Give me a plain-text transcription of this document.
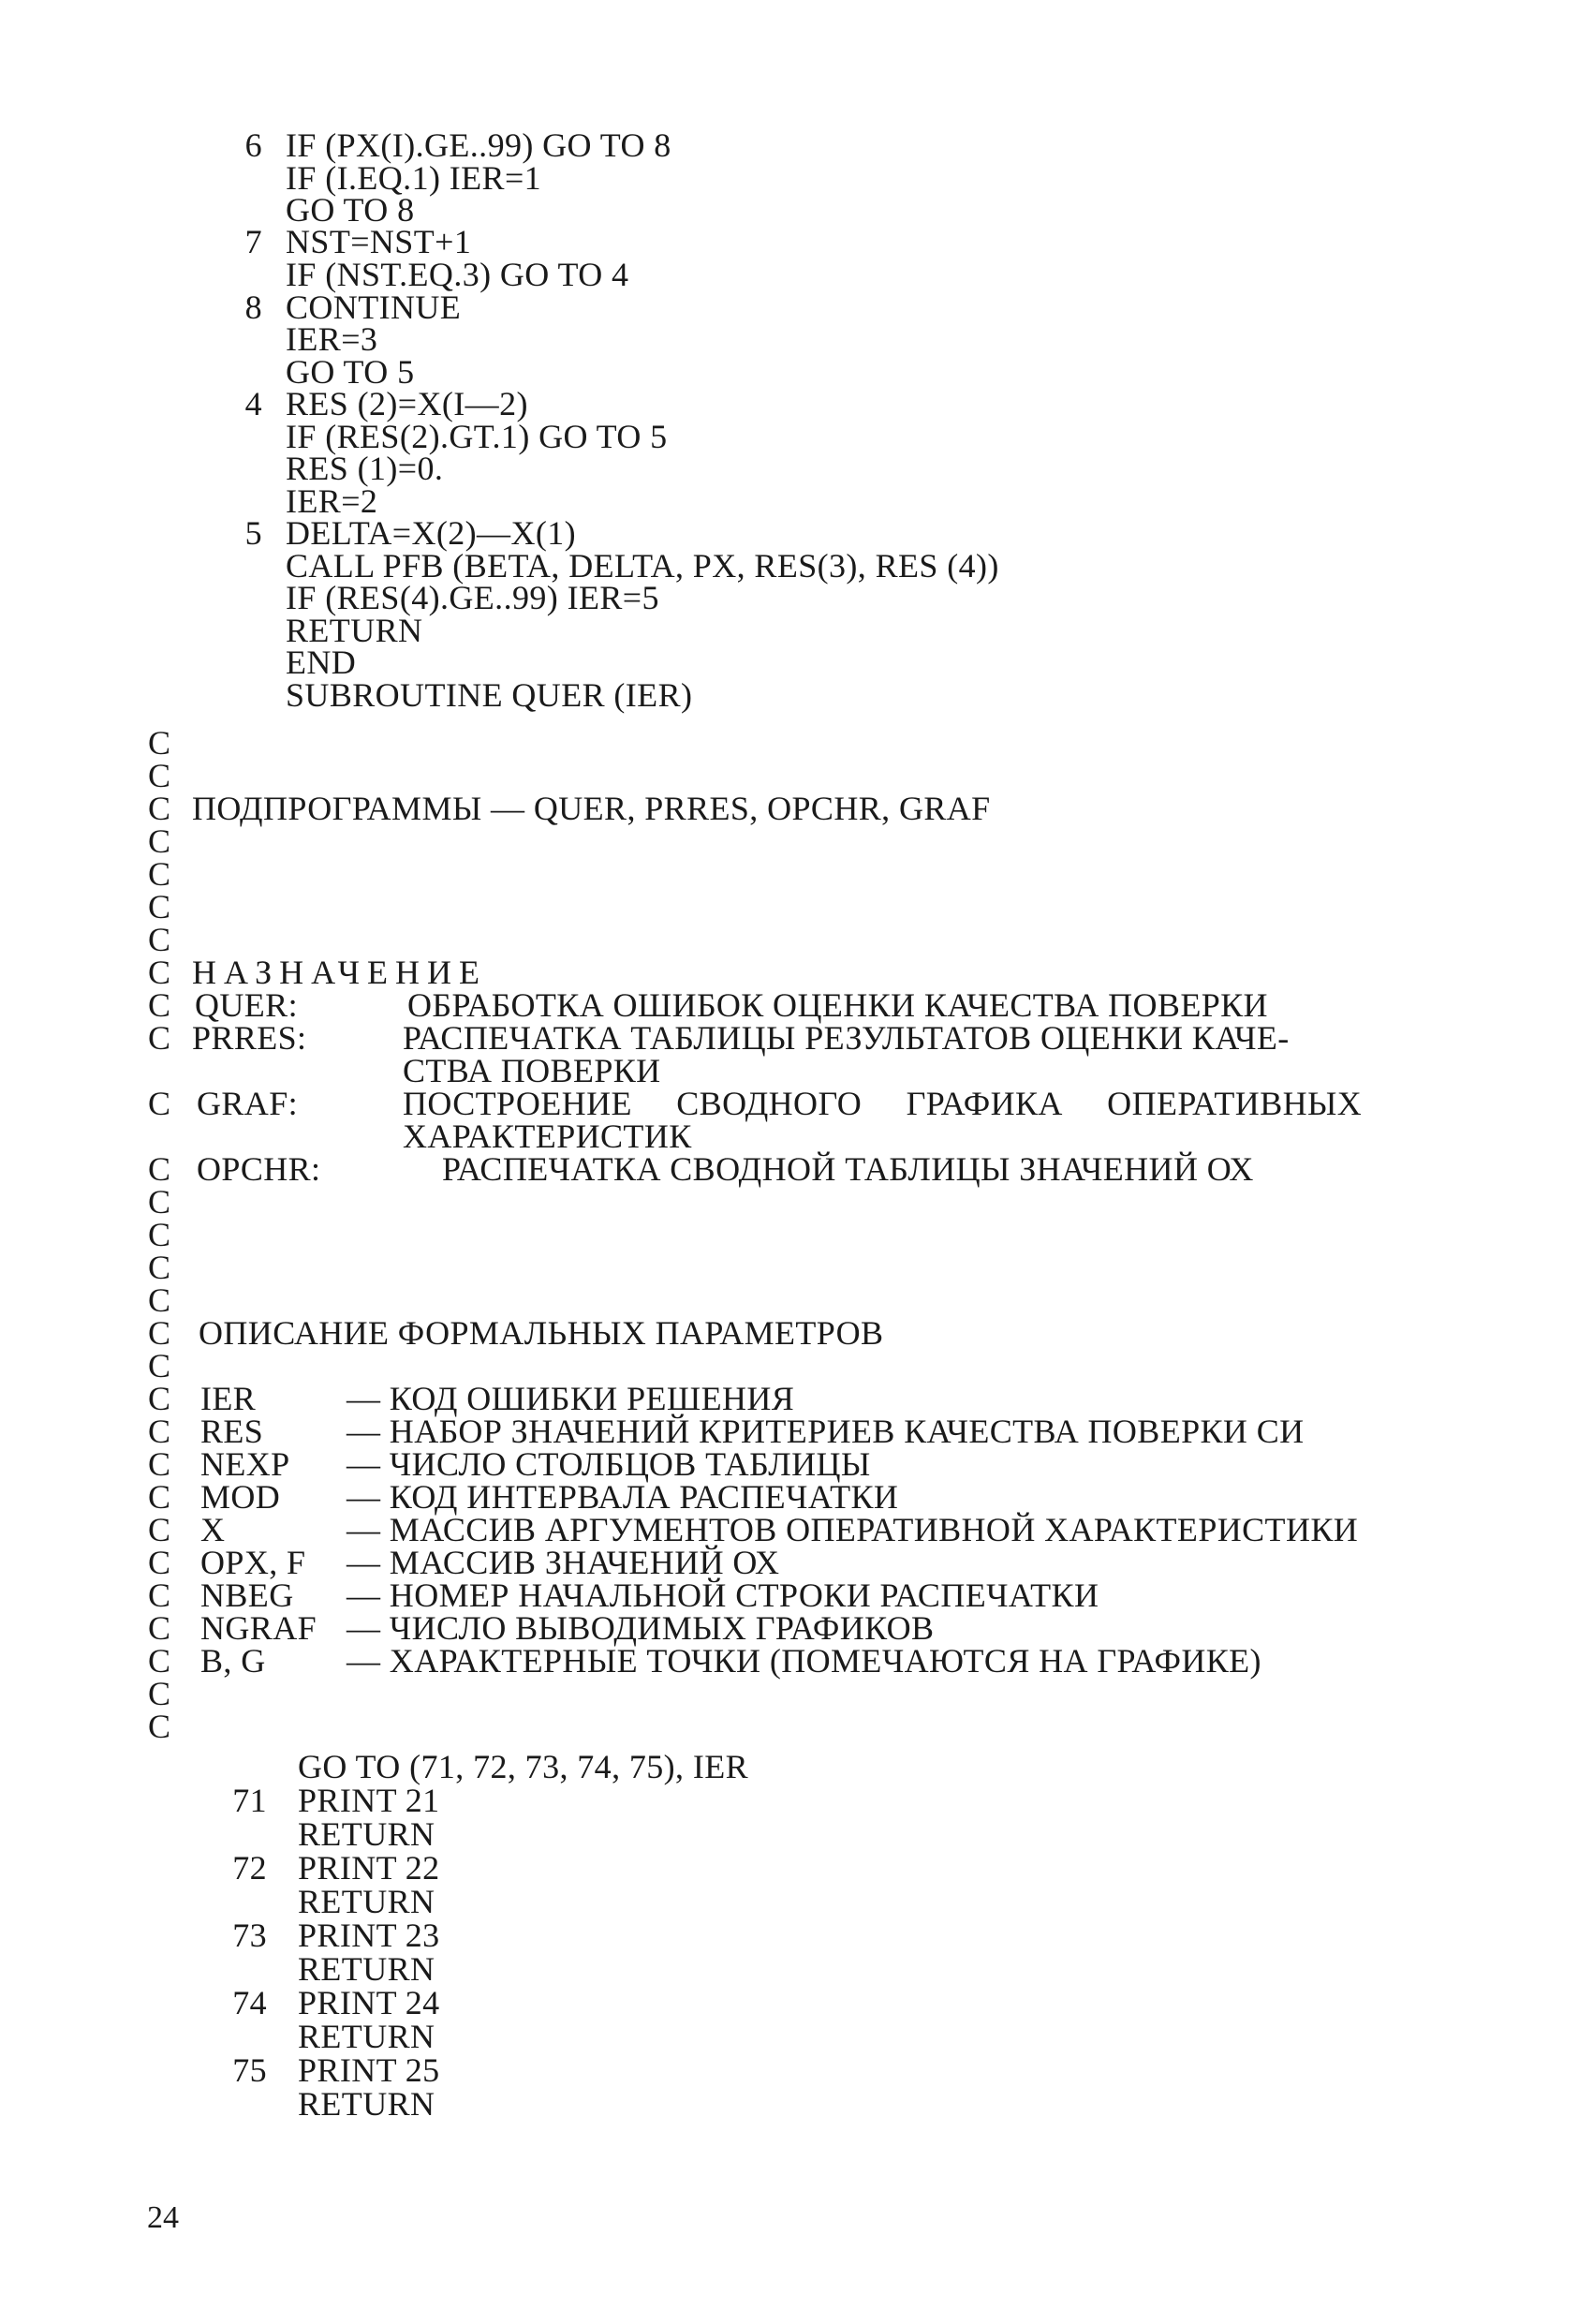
6 IF (PX(I).GE..99) GO TO 8
IF (I.EQ.1) IER=1
GO TO 8
7 NST=NST+1
IF (NST.EQ.3) GO TO 4
8 CONTINUE
IER=3
GO TO 5
4 RES (2)=X(I—2)
IF (RES(2).GT.1) GO TO 5
RES (1)=0.
IER=2
5 DELTA=X(2)—X(1)
CALL PFB (BETA, DELTA, PX, RES(3), RES (4))
IF (RES(4).GE..99) IER=5
RETURN
END
SUBROUTINE QUER (IER)
C
C
C ПОДПРОГРАММЫ — QUER, PRRES, OPCHR, GRAF
C
C
C
C
C НАЗНАЧЕНИЕ
C QUER:	ОБРАБОТКА ОШИБОК ОЦЕНКИ КАЧЕСТВА ПОВЕРКИ
C PRRES:	РАСПЕЧАТКА ТАБЛИЦЫ РЕЗУЛЬТАТОВ ОЦЕНКИ КАЧЕ-
СТВА ПОВЕРКИ
C GRAF:	ПОСТРОЕНИЕ СВОДНОГО ГРАФИКА ОПЕРАТИВНЫХ
ХАРАКТЕРИСТИК
C OPCHR:	РАСПЕЧАТКА СВОДНОЙ ТАБЛИЦЫ ЗНАЧЕНИЙ ОХ
C
C
C
C
C ОПИСАНИЕ ФОРМАЛЬНЫХ ПАРАМЕТРОВ
C
C IER	— КОД ОШИБКИ РЕШЕНИЯ
C RES — НАБОР ЗНАЧЕНИЙ КРИТЕРИЕВ КАЧЕСТВА ПОВЕРКИ СИ
C NEXP — ЧИСЛО СТОЛБЦОВ ТАБЛИЦЫ
C MOD — КОД ИНТЕРВАЛА РАСПЕЧАТКИ
C X	— МАССИВ АРГУМЕНТОВ ОПЕРАТИВНОЙ ХАРАКТЕРИСТИКИ
C OPX, F — МАССИВ ЗНАЧЕНИЙ ОХ
C NBEG — НОМЕР НАЧАЛЬНОЙ СТРОКИ РАСПЕЧАТКИ
C NGRAF — ЧИСЛО ВЫВОДИМЫХ ГРАФИКОВ
C B, G — ХАРАКТЕРНЫЕ ТОЧКИ (ПОМЕЧАЮТСЯ НА ГРАФИКЕ)
C
C
GO TO (71, 72, 73, 74, 75), IER
71 PRINT 21
RETURN
72 PRINT 22
RETURN
73 PRINT 23
RETURN
74 PRINT 24
RETURN
75 PRINT 25
RETURN
24
